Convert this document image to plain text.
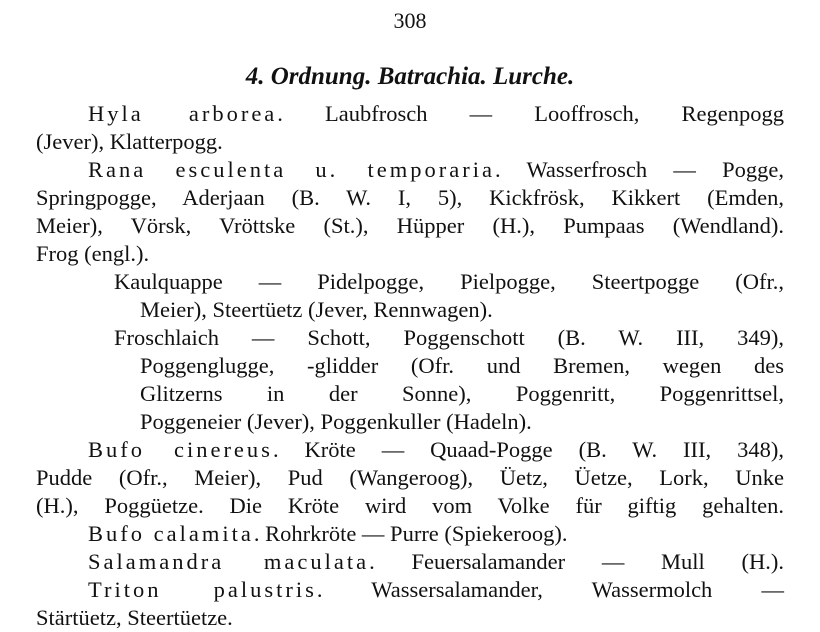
308
4. Ordnung. Batrachia. Lurche.
Hyla arborea. Laubfrosch — Looffrosch, Regenpogg
(Jever), Klatterpogg.
Rana esculenta u. temporaria. Wasserfrosch — Pogge,
Springpogge, Aderjaan (B. W. I, 5), Kickfrösk, Kikkert (Emden,
Meier), Vörsk, Vröttske (St.), Hüpper (H.), Pumpaas (Wendland).
Frog (engl.).
Kaulquappe — Pidelpogge, Pielpogge, Steertpogge (Ofr.,
Meier), Steertüetz (Jever, Rennwagen).
Froschlaich — Schott, Poggenschott (B. W. III, 349),
Poggenglugge, -glidder (Ofr. und Bremen, wegen des
Glitzerns in der Sonne), Poggenritt, Poggenrittsel,
Poggeneier (Jever), Poggenkuller (Hadeln).
Bufo cinereus. Kröte — Quaad-Pogge (B. W. III, 348),
Pudde (Ofr., Meier), Pud (Wangeroog), Üetz, Üetze, Lork, Unke
(H.), Poggüetze. Die Kröte wird vom Volke für giftig gehalten.
Bufo calamita. Rohrkröte — Purre (Spiekeroog).
Salamandra maculata. Feuersalamander — Mull (H.).
Triton palustris. Wassersalamander, Wassermolch —
Stärtüetz, Steertüetze.
